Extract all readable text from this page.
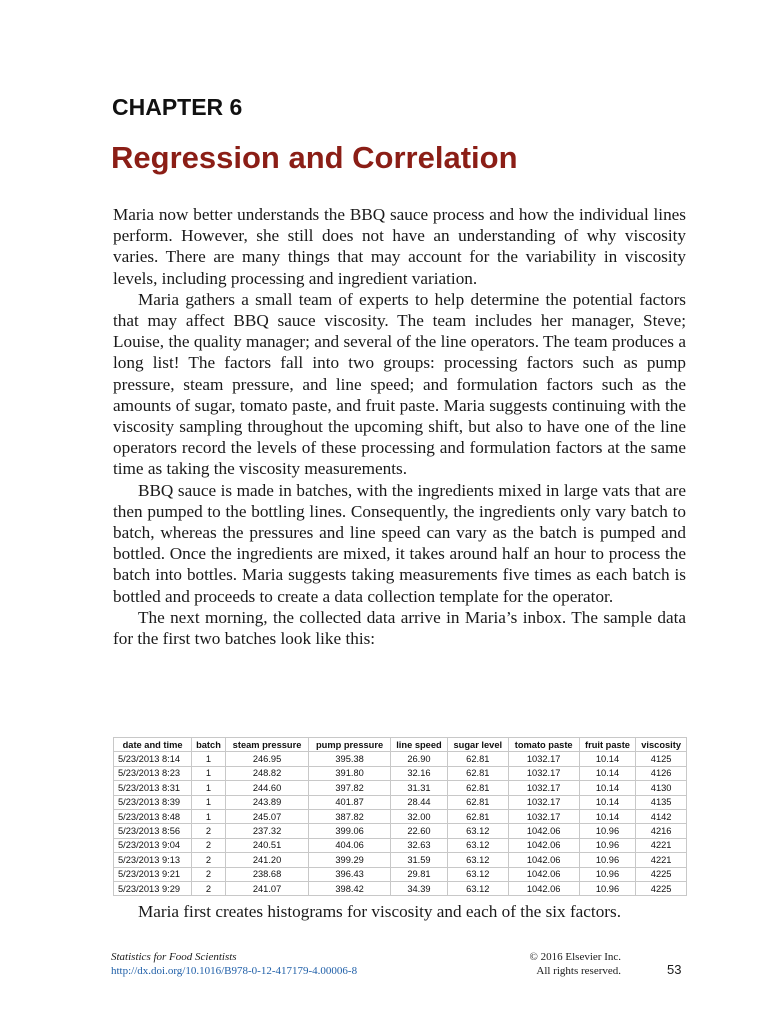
CHAPTER 6
Regression and Correlation

Maria now better understands the BBQ sauce process and how the individual lines perform. However, she still does not have an understanding of why viscosity varies. There are many things that may account for the variability in viscosity levels, including processing and ingredient variation.

Maria gathers a small team of experts to help determine the potential factors that may affect BBQ sauce viscosity. The team includes her manager, Steve; Louise, the quality manager; and several of the line operators. The team produces a long list! The factors fall into two groups: processing factors such as pump pressure, steam pressure, and line speed; and formulation factors such as the amounts of sugar, tomato paste, and fruit paste. Maria suggests continuing with the viscosity sampling throughout the upcoming shift, but also to have one of the line operators record the levels of these processing and formulation factors at the same time as taking the viscosity measurements.

BBQ sauce is made in batches, with the ingredients mixed in large vats that are then pumped to the bottling lines. Consequently, the ingredients only vary batch to batch, whereas the pressures and line speed can vary as the batch is pumped and bottled. Once the ingredients are mixed, it takes around half an hour to process the batch into bottles. Maria suggests taking measurements five times as each batch is bottled and proceeds to create a data collection template for the operator.

The next morning, the collected data arrive in Maria’s inbox. The sample data for the first two batches look like this:

date and time	batch	steam pressure	pump pressure	line speed	sugar level	tomato paste	fruit paste	viscosity
5/23/2013 8:14	1	246.95	395.38	26.90	62.81	1032.17	10.14	4125
5/23/2013 8:23	1	248.82	391.80	32.16	62.81	1032.17	10.14	4126
5/23/2013 8:31	1	244.60	397.82	31.31	62.81	1032.17	10.14	4130
5/23/2013 8:39	1	243.89	401.87	28.44	62.81	1032.17	10.14	4135
5/23/2013 8:48	1	245.07	387.82	32.00	62.81	1032.17	10.14	4142
5/23/2013 8:56	2	237.32	399.06	22.60	63.12	1042.06	10.96	4216
5/23/2013 9:04	2	240.51	404.06	32.63	63.12	1042.06	10.96	4221
5/23/2013 9:13	2	241.20	399.29	31.59	63.12	1042.06	10.96	4221
5/23/2013 9:21	2	238.68	396.43	29.81	63.12	1042.06	10.96	4225
5/23/2013 9:29	2	241.07	398.42	34.39	63.12	1042.06	10.96	4225
Maria first creates histograms for viscosity and each of the six factors.
Statistics for Food Scientists
http://dx.doi.org/10.1016/B978-0-12-417179-4.00006-8
© 2016 Elsevier Inc.
All rights reserved.	53
